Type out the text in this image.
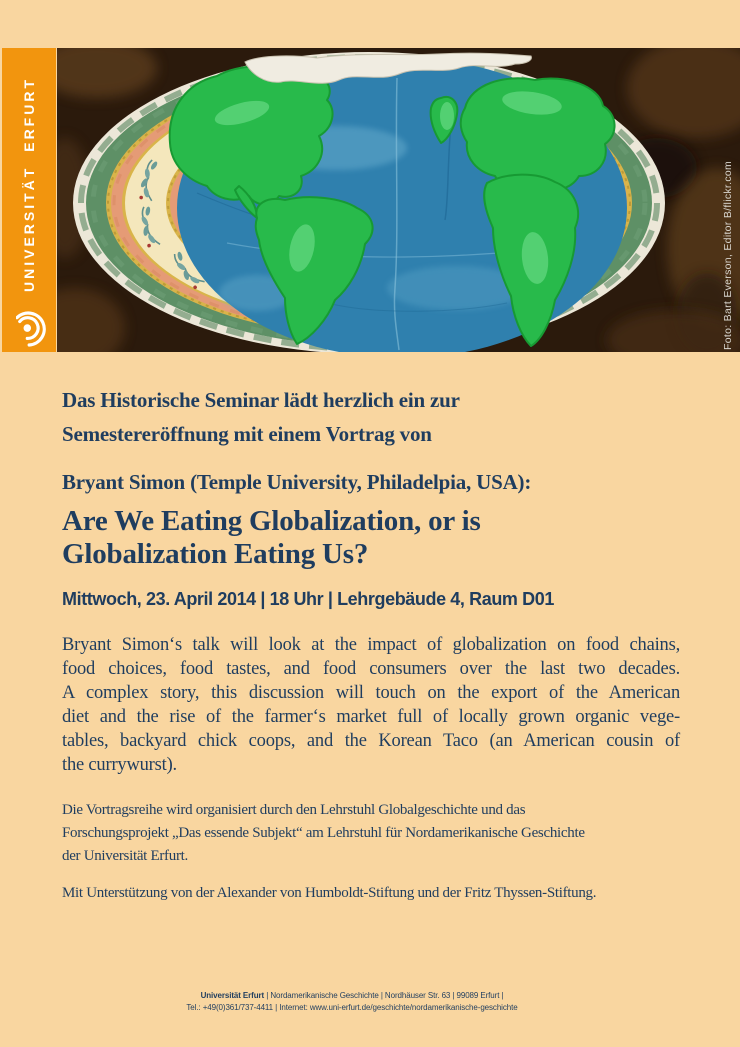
UNIVERSITÄT ERFURT	Foto: Bart Everson, Editor B/flickr.com
Das Historische Seminar lädt herzlich ein zur
Semestereröffnung mit einem Vortrag von
Bryant Simon (Temple University, Philadelpia, USA):
Are We Eating Globalization, or is
Globalization Eating Us?
Mittwoch, 23. April 2014 | 18 Uhr | Lehrgebäude 4, Raum D01
Bryant Simon‘s talk will look at the impact of globalization on food chains,
food choices, food tastes, and food consumers over the last two decades.
A complex story, this discussion will touch on the export of the American
diet and the rise of the farmer‘s market full of locally grown organic vege-
tables, backyard chick coops, and the Korean Taco (an American cousin of
the currywurst).
Die Vortragsreihe wird organisiert durch den Lehrstuhl Globalgeschichte und das
Forschungsprojekt „Das essende Subjekt“ am Lehrstuhl für Nordamerikanische Geschichte
der Universität Erfurt.
Mit Unterstützung von der Alexander von Humboldt-Stiftung und der Fritz Thyssen-Stiftung.
Universität Erfurt | Nordamerikanische Geschichte | Nordhäuser Str. 63 | 99089 Erfurt |
Tel.: +49(0)361/737-4411 | Internet: www.uni-erfurt.de/geschichte/nordamerikanische-geschichte
